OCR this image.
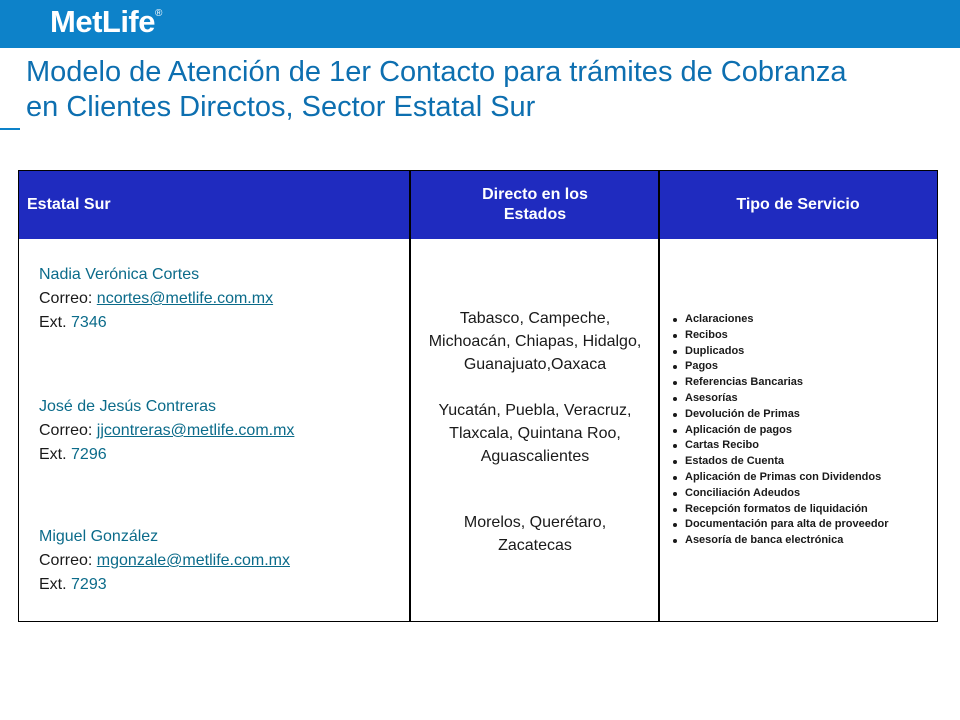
MetLife®
Modelo de Atención de 1er Contacto para trámites de Cobranza
en Clientes Directos, Sector Estatal Sur
Estatal Sur
Directo en los
Estados
Tipo de Servicio
Nadia Verónica Cortes
Correo: ncortes@metlife.com.mx
Ext. 7346
José de Jesús Contreras
Correo: jjcontreras@metlife.com.mx
Ext. 7296
Miguel González
Correo: mgonzale@metlife.com.mx
Ext. 7293
Tabasco, Campeche,
Michoacán, Chiapas, Hidalgo,
Guanajuato,Oaxaca
Yucatán, Puebla, Veracruz,
Tlaxcala, Quintana Roo,
Aguascalientes
Morelos, Querétaro,
Zacatecas
Aclaraciones
Recibos
Duplicados
Pagos
Referencias Bancarias
Asesorías
Devolución de Primas
Aplicación de pagos
Cartas Recibo
Estados de Cuenta
Aplicación de Primas con Dividendos
Conciliación Adeudos
Recepción formatos de liquidación
Documentación para alta de proveedor
Asesoría de banca electrónica
